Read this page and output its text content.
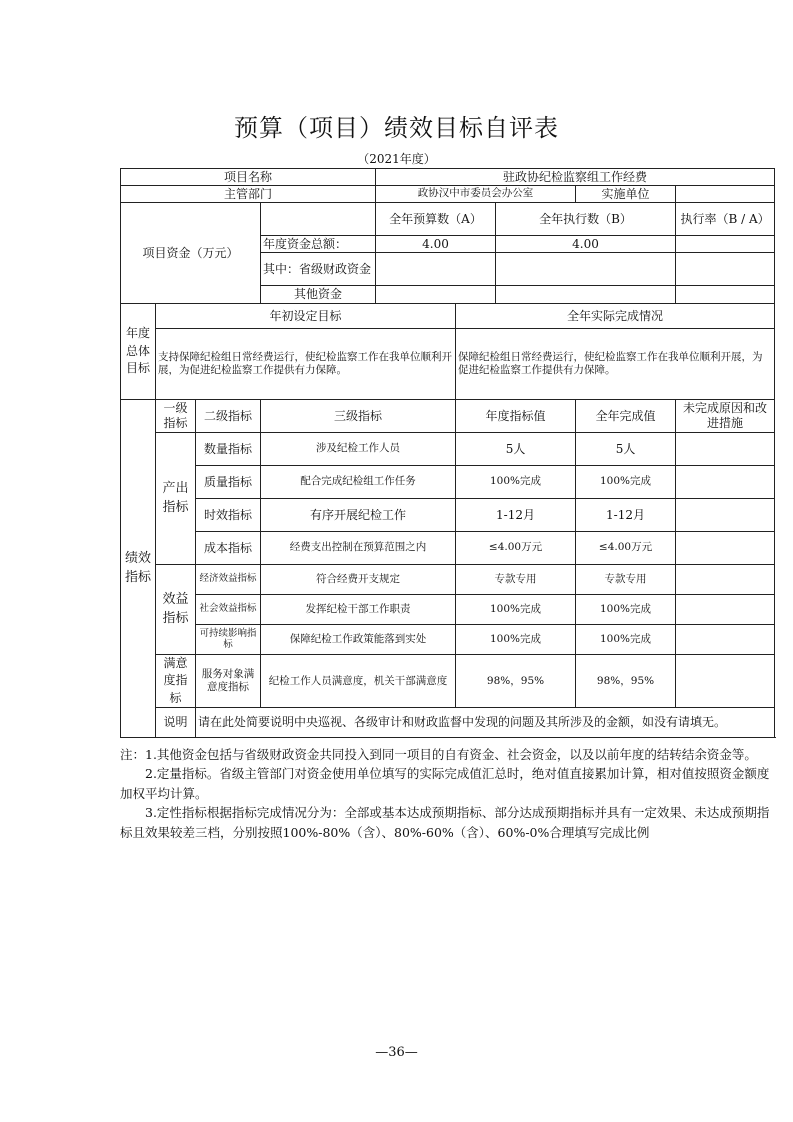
预算（项目）绩效目标自评表
（2021年度）
项目名称				驻政协纪检监察组工作经费				
主管部门				政协汉中市委员会办公室			实施单位	
项目资金（万元）				全年预算数（A）		全年执行数（B）		执行率（B / A）
			年度资金总额：	4.00		4.00		
			其中：省级财政资金					
			其他资金					
年度总体目标	年初设定目标				全年实际完成情况			
	支持保障纪检组日常经费运行，使纪检监察工作在我单位顺利开展，为促进纪检监察工作提供有力保障。				保障纪检组日常经费运行，使纪检监察工作在我单位顺利开展，为促进纪检监察工作提供有力保障。			
绩效指标	一级指标	二级指标	三级指标		年度指标值		全年完成值	未完成原因和改进措施
	产出指标	数量指标	涉及纪检工作人员		5人		5人	
		质量指标	配合完成纪检组工作任务		100%完成		100%完成	
		时效指标	有序开展纪检工作		1-12月		1-12月	
		成本指标	经费支出控制在预算范围之内		≤4.00万元		≤4.00万元	
	效益指标	经济效益指标	符合经费开支规定		专款专用		专款专用	
		社会效益指标	发挥纪检干部工作职责		100%完成		100%完成	
		可持续影响指标	保障纪检工作政策能落到实处		100%完成		100%完成	
	满意度指标	服务对象满意度指标	纪检工作人员满意度，机关干部满意度		98%，95%		98%，95%	
	说明	请在此处简要说明中央巡视、各级审计和财政监督中发现的问题及其所涉及的金额，如没有请填无。						

注：1.其他资金包括与省级财政资金共同投入到同一项目的自有资金、社会资金，以及以前年度的结转结余资金等。

2.定量指标。省级主管部门对资金使用单位填写的实际完成值汇总时，绝对值直接累加计算，相对值按照资金额度加权平均计算。

3.定性指标根据指标完成情况分为：全部或基本达成预期指标、部分达成预期指标并具有一定效果、未达成预期指标且效果较差三档，分别按照100%-80%（含）、80%-60%（含）、60%-0%合理填写完成比例

—36—
